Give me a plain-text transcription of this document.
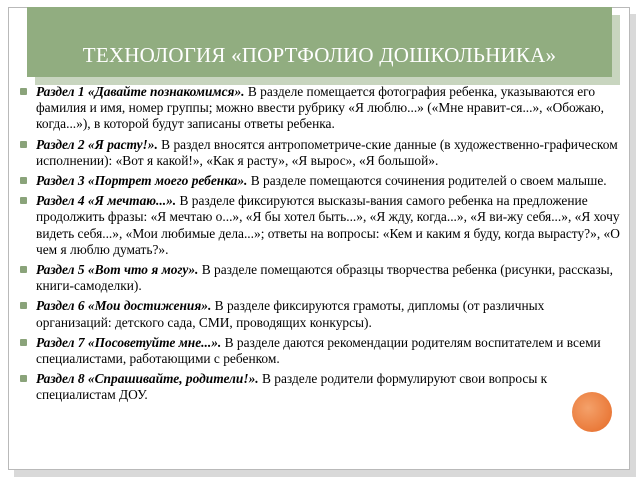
ТЕХНОЛОГИЯ «ПОРТФОЛИО ДОШКОЛЬНИКА»
Раздел 1 «Давайте познакомимся». В разделе помещается фотография ребенка, указываются его фамилия и имя, номер группы; можно ввести рубрику «Я люблю...» («Мне нравит-ся...», «Обожаю, когда...»), в которой будут записаны ответы ребенка.
Раздел 2 «Я расту!». В раздел вносятся антропометриче-ские данные (в художественно-графическом исполнении): «Вот я какой!», «Как я расту», «Я вырос», «Я большой».
Раздел 3 «Портрет моего ребенка». В разделе помещаются сочинения родителей о своем малыше.
Раздел 4 «Я мечтаю...». В разделе фиксируются высказы-вания самого ребенка на предложение продолжить фразы: «Я мечтаю о...», «Я бы хотел быть...», «Я жду, когда...», «Я ви-жу себя...», «Я хочу видеть себя...», «Мои любимые дела...»; ответы на вопросы: «Кем и каким я буду, когда вырасту?», «О чем я люблю думать?».
Раздел 5 «Вот что я могу». В разделе помещаются образцы творчества ребенка (рисунки, рассказы, книги-самоделки).
Раздел 6 «Мои достижения». В разделе фиксируются грамоты, дипломы (от различных организаций: детского сада, СМИ, проводящих конкурсы).
Раздел 7 «Посоветуйте мне...». В разделе даются рекомендации родителям воспитателем и всеми специалистами, работающими с ребенком.
Раздел 8 «Спрашивайте, родители!». В разделе родители формулируют свои вопросы к специалистам ДОУ.
